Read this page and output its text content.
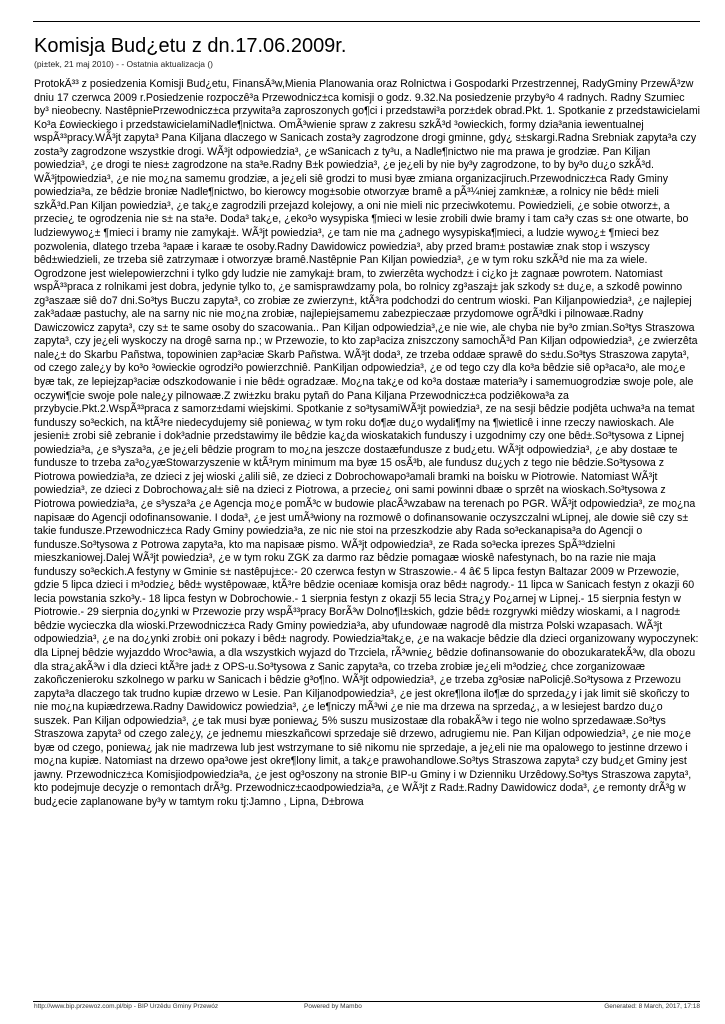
Komisja Bud¿etu z dn.17.06.2009r.

(pi±tek, 21 maj 2010) - - Ostatnia aktualizacja ()

ProtokÃ³³ z posiedzenia Komisji Bud¿etu, FinansÃ³w,Mienia Planowania oraz Rolnictwa i Gospodarki Przestrzennej, RadyGminy PrzewÃ³zw dniu 17 czerwca 2009 r.Posiedzenie rozpoczê³a Przewodnicz±ca komisji o godz. 9.32.Na posiedzenie przyby³o 4 radnych. Radny Szumiec by³ nieobecny. NastêpniePrzewodnicz±ca przywita³a zaproszonych go¶ci i przedstawi³a porz±dek obrad.Pkt. 1. Spotkanie z przedstawicielami Ko³a £owieckiego i przedstawicielamiNadle¶nictwa. OmÃ³wienie spraw z zakresu szkÃ³d ³owieckich, formy dzia³ania iewentualnej wspÃ³³pracy.WÃ³jt zapyta³ Pana Kiljana dlaczego w Sanicach zosta³y zagrodzone drogi gminne, gdy¿ s±skargi.Radna Srebniak zapyta³a czy zosta³y zagrodzone wszystkie drogi. WÃ³jt odpowiedzia³, ¿e wSanicach z ty³u, a Nadle¶nictwo nie ma prawa je grodziæ. Pan Kiljan powiedzia³, ¿e drogi te nies± zagrodzone na sta³e.Radny B±k powiedzia³, ¿e je¿eli by nie by³y zagrodzone, to by by³o du¿o szkÃ³d. WÃ³jtpowiedzia³, ¿e nie mo¿na samemu grodziæ, a je¿eli siê grodzi to musi byæ zmiana organizacjiruch.Przewodnicz±ca Rady Gminy powiedzia³a, ze bêdzie broniæ Nadle¶nictwo, bo kierowcy mog±sobie otworzyæ bramê a pÃ³¼niej zamkn±æ, a rolnicy nie bêd± mieli szkÃ³d.Pan Kiljan powiedzia³, ¿e tak¿e zagrodzili przejazd kolejowy, a oni nie mieli nic przeciwkotemu. Powiedzieli, ¿e sobie otworz±, a przecie¿ te ogrodzenia nie s± na sta³e. Doda³ tak¿e, ¿eko³o wysypiska ¶mieci w lesie zrobili dwie bramy i tam ca³y czas s± one otwarte, bo ludziewywo¿± ¶mieci i bramy nie zamykaj±. WÃ³jt powiedzia³, ¿e tam nie ma ¿adnego wysypiska¶mieci, a ludzie wywo¿± ¶mieci bez pozwolenia, dlatego trzeba ³apaæ i karaæ te osoby.Radny Dawidowicz powiedzia³, aby przed bram± postawiæ znak stop i wszyscy bêd±wiedzieli, ze trzeba siê zatrzymaæ i otworzyæ bramê.Nastêpnie Pan Kiljan powiedzia³, ¿e w tym roku szkÃ³d nie ma za wiele. Ogrodzone jest wielepowierzchni i tylko gdy ludzie nie zamykaj± bram, to zwierzêta wychodz± i ci¿ko j± zagnaæ powrotem. Natomiast wspÃ³³praca z rolnikami jest dobra, jedynie tylko to, ¿e samisprawdzamy pola, bo rolnicy zg³aszaj± jak szkody s± du¿e, a szkodê powinno zg³aszaæ siê do7 dni.So³tys Buczu zapyta³, co zrobiæ ze zwierzyn±, ktÃ³ra podchodzi do centrum wioski. Pan Kiljanpowiedzia³, ¿e najlepiej zak³adaæ pastuchy, ale na sarny nic nie mo¿na zrobiæ, najlepiejsamemu zabezpieczaæ przydomowe ogrÃ³dki i pilnowaæ.Radny Dawiczowicz zapyta³, czy s± te same osoby do szacowania.. Pan Kiljan odpowiedzia³,¿e nie wie, ale chyba nie by³o zmian.So³tys Straszowa zapyta³, czy je¿eli wyskoczy na drogê sarna np.; w Przewozie, to kto zap³aciza zniszczony samochÃ³d Pan Kiljan odpowiedzia³, ¿e zwierzêta nale¿± do Skarbu Pañstwa, topowinien zap³aciæ Skarb Pañstwa. WÃ³jt doda³, ze trzeba oddaæ sprawê do s±du.So³tys Straszowa zapyta³, od czego zale¿y by ko³o ³owieckie ogrodzi³o powierzchniê. PanKiljan odpowiedzia³, ¿e od tego czy dla ko³a bêdzie siê op³aca³o, ale mo¿e byæ tak, ze lepiejzap³aciæ odszkodowanie i nie bêd± ogradzaæ. Mo¿na tak¿e od ko³a dostaæ materia³y i samemuogrodziæ swoje pole, ale oczywi¶cie swoje pole nale¿y pilnowaæ.Z zwi±zku braku pytañ do Pana Kiljana Przewodnicz±ca podziêkowa³a za przybycie.Pkt.2.WspÃ³³praca z samorz±dami wiejskimi. Spotkanie z so³tysamiWÃ³jt powiedzia³, ze na sesji bêdzie podjêta uchwa³a na temat funduszy so³eckich, na ktÃ³re niedecydujemy siê poniewa¿ w tym roku do¶æ du¿o wydali¶my na ¶wietlicê i inne rzeczy nawioskach. Ale jesieni± zrobi siê zebranie i dok³adnie przedstawimy ile bêdzie ka¿da wioskatakich funduszy i uzgodnimy czy one bêd±.So³tysowa z Lipnej powiedzia³a, ¿e s³ysza³a, ¿e je¿eli bêdzie program to mo¿na jeszcze dostaæfundusze z bud¿etu. WÃ³jt odpowiedzia³, ¿e aby dostaæ te fundusze to trzeba za³o¿yæStowarzyszenie w ktÃ³rym minimum ma byæ 15 osÃ³b, ale fundusz du¿ych z tego nie bêdzie.So³tysowa z Piotrowa powiedzia³a, ze dzieci z jej wioski ¿alili siê, ze dzieci z Dobrochowapo³amali bramki na boisku w Piotrowie. Natomiast WÃ³jt powiedzia³, ze dzieci z Dobrochowa¿al± siê na dzieci z Piotrowa, a przecie¿ oni sami powinni dbaæ o sprzêt na wioskach.So³tysowa z Piotrowa powiedzia³a, ¿e s³ysza³a ¿e Agencja mo¿e pomÃ³c w budowie placÃ³wzabaw na terenach po PGR. WÃ³jt odpowiedzia³, ze mo¿na napisaæ do Agencji odofinansowanie. I doda³, ¿e jest umÃ³wiony na rozmowê o dofinansowanie oczyszczalni wLipnej, ale dowie siê czy s± takie fundusze.Przewodnicz±ca Rady Gminy powiedzia³a, ze nic nie stoi na przeszkodzie aby Rada so³eckanapisa³a do Agencji o fundusze.So³tysowa z Potrowa zapyta³a, kto ma napisaæ pismo. WÃ³jt odpowiedzia³, ze Rada so³ecka iprezes SpÃ³³dzielni mieszkaniowej.Dalej WÃ³jt powiedzia³, ¿e w tym roku ZGK za darmo raz bêdzie pomagaæ wioskê nafestynach, bo na razie nie maja funduszy so³eckich.A festyny w Gminie s± nastêpuj±ce:- 20 czerwca festyn w Straszowie.- 4 â€ 5 lipca festyn Baltazar 2009 w Przewozie, gdzie 5 lipca dzieci i m³odzie¿ bêd± wystêpowaæ, ktÃ³re bêdzie oceniaæ komisja oraz bêd± nagrody.- 11 lipca w Sanicach festyn z okazji 60 lecia powstania szko³y.- 18 lipca festyn w Dobrochowie.- 1 sierpnia festyn z okazji 55 lecia Stra¿y Po¿arnej w Lipnej.- 15 sierpnia festyn w Piotrowie.- 29 sierpnia do¿ynki w Przewozie przy wspÃ³³pracy BorÃ³w Dolno¶l±skich, gdzie bêd± rozgrywki miêdzy wioskami, a I nagrod± bêdzie wycieczka dla wioski.Przewodnicz±ca Rady Gminy powiedzia³a, aby ufundowaæ nagrodê dla mistrza Polski wzapasach. WÃ³jt odpowiedzia³, ¿e na do¿ynki zrobi± oni pokazy i bêd± nagrody. Powiedzia³tak¿e, ¿e na wakacje bêdzie dla dzieci organizowany wypoczynek: dla Lipnej bêdzie wyjazddo Wroc³awia, a dla wszystkich wyjazd do Trzciela, rÃ³wnie¿ bêdzie dofinansowanie do obozukaratekÃ³w, dla obozu dla stra¿akÃ³w i dla dzieci ktÃ³re jad± z OPS-u.So³tysowa z Sanic zapyta³a, co trzeba zrobiæ je¿eli m³odzie¿ chce zorganizowaæ zakoñczenieroku szkolnego w parku w Sanicach i bêdzie g³o¶no. WÃ³jt odpowiedzia³, ¿e trzeba zg³osiæ naPolicjê.So³tysowa z Przewozu zapyta³a dlaczego tak trudno kupiæ drzewo w Lesie. Pan Kiljanodpowiedzia³, ¿e jest okre¶lona ilo¶æ do sprzeda¿y i jak limit siê skoñczy to nie mo¿na kupiædrzewa.Radny Dawidowicz powiedzia³, ¿e le¶niczy mÃ³wi ¿e nie ma drzewa na sprzeda¿, a w lesiejest bardzo du¿o suszek. Pan Kiljan odpowiedzia³, ¿e tak musi byæ poniewa¿ 5% suszu musizostaæ dla robakÃ³w i tego nie wolno sprzedawaæ.So³tys Straszowa zapyta³ od czego zale¿y, ¿e jednemu mieszkañcowi sprzedaje siê drzewo, adrugiemu nie. Pan Kiljan odpowiedzia³, ¿e nie mo¿e byæ od czego, poniewa¿ jak nie madrzewa lub jest wstrzymane to siê nikomu nie sprzedaje, a je¿eli nie ma opalowego to jestinne drzewo i mo¿na kupiæ. Natomiast na drzewo opa³owe jest okre¶lony limit, a tak¿e prawohandlowe.So³tys Straszowa zapyta³ czy bud¿et Gminy jest jawny. Przewodnicz±ca Komisjiodpowiedzia³a, ¿e jest og³oszony na stronie BIP-u Gminy i w Dzienniku Urzêdowy.So³tys Straszowa zapyta³, kto podejmuje decyzje o remontach drÃ³g. Przewodnicz±caodpowiedzia³a, ¿e WÃ³jt z Rad±.Radny Dawidowicz doda³, ¿e remonty drÃ³g w bud¿ecie zaplanowane by³y w tamtym roku tj:Jamno , Lipna, D±browa

http://www.bip.przewoz.com.pl/bip - BIP Urzêdu Gminy Przewóz	Powered by Mambo	Generated: 8 March, 2017, 17:18
